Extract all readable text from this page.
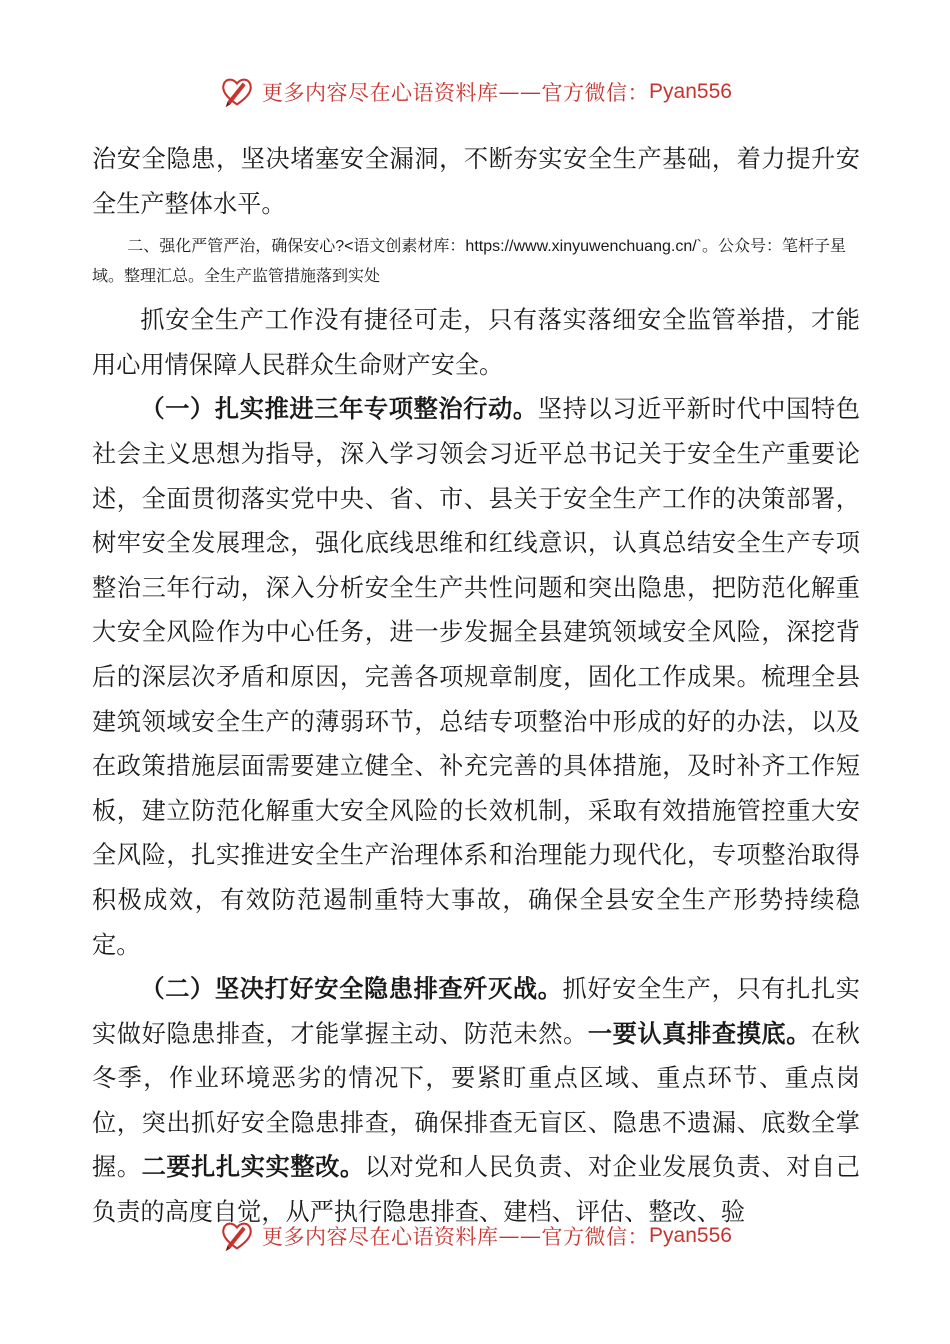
更多内容尽在心语资料库 —— 官方微信： Pyan556

治安全隐患，坚决堵塞安全漏洞，不断夯实安全生产基础，着力提升安全生产整体水平。

二、强化严管严治，确保安心?<语文创素材库：https://www.xinyuwenchuang.cn/`。公众号：笔杆子星域。整理汇总。全生产监管措施落到实处

抓安全生产工作没有捷径可走，只有落实落细安全监管举措，才能用心用情保障人民群众生命财产安全。

（一）扎实推进三年专项整治行动。坚持以习近平新时代中国特色社会主义思想为指导，深入学习领会习近平总书记关于安全生产重要论述，全面贯彻落实党中央、省、市、县关于安全生产工作的决策部署，树牢安全发展理念，强化底线思维和红线意识，认真总结安全生产专项整治三年行动，深入分析安全生产共性问题和突出隐患，把防范化解重大安全风险作为中心任务，进一步发掘全县建筑领域安全风险，深挖背后的深层次矛盾和原因，完善各项规章制度，固化工作成果。梳理全县建筑领域安全生产的薄弱环节，总结专项整治中形成的好的办法，以及在政策措施层面需要建立健全、补充完善的具体措施，及时补齐工作短板，建立防范化解重大安全风险的长效机制，采取有效措施管控重大安全风险，扎实推进安全生产治理体系和治理能力现代化，专项整治取得积极成效，有效防范遏制重特大事故，确保全县安全生产形势持续稳定。

（二）坚决打好安全隐患排查歼灭战。抓好安全生产，只有扎扎实实做好隐患排查，才能掌握主动、防范未然。一要认真排查摸底。在秋冬季，作业环境恶劣的情况下，要紧盯重点区域、重点环节、重点岗位，突出抓好安全隐患排查，确保排查无盲区、隐患不遗漏、底数全掌握。二要扎扎实实整改。以对党和人民负责、对企业发展负责、对自己负责的高度自觉，从严执行隐患排查、建档、评估、整改、验

更多内容尽在心语资料库 —— 官方微信： Pyan556
